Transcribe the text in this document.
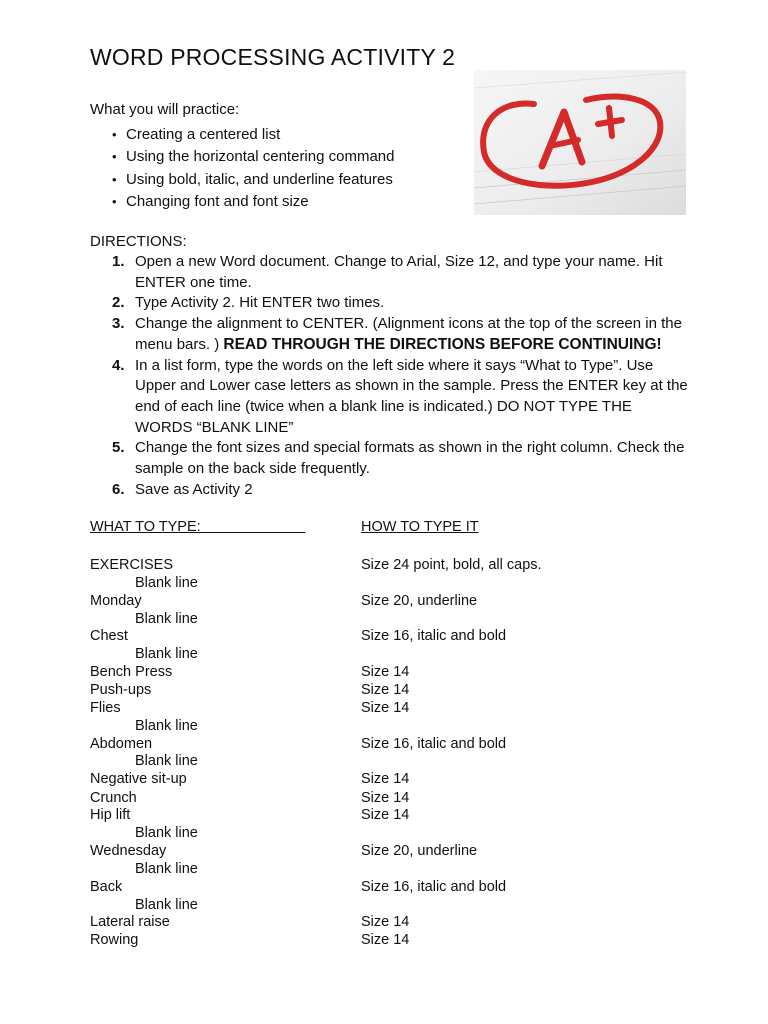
WORD PROCESSING ACTIVITY 2
What you will practice:
• Creating a centered list
• Using the horizontal centering command
• Using bold, italic, and underline features
• Changing font and font size
DIRECTIONS:
1. Open a new Word document. Change to Arial, Size 12, and type your name. Hit ENTER one time.
2. Type Activity 2. Hit ENTER two times.
3. Change the alignment to CENTER. (Alignment icons at the top of the screen in the menu bars. ) READ THROUGH THE DIRECTIONS BEFORE CONTINUING!
4. In a list form, type the words on the left side where it says “What to Type”. Use Upper and Lower case letters as shown in the sample. Press the ENTER key at the end of each line (twice when a blank line is indicated.) DO NOT TYPE THE WORDS “BLANK LINE”
5. Change the font sizes and special formats as shown in the right column. Check the sample on the back side frequently.
6. Save as Activity 2
WHAT TO TYPE:	HOW TO TYPE IT
EXERCISES	Size 24 point, bold, all caps.
Blank line
Monday	Size 20, underline
Blank line
Chest	Size 16, italic and bold
Blank line
Bench Press	Size 14
Push-ups	Size 14
Flies	Size 14
Blank line
Abdomen	Size 16, italic and bold
Blank line
Negative sit-up	Size 14
Crunch	Size 14
Hip lift	Size 14
Blank line
Wednesday	Size 20, underline
Blank line
Back	Size 16, italic and bold
Blank line
Lateral raise	Size 14
Rowing	Size 14
